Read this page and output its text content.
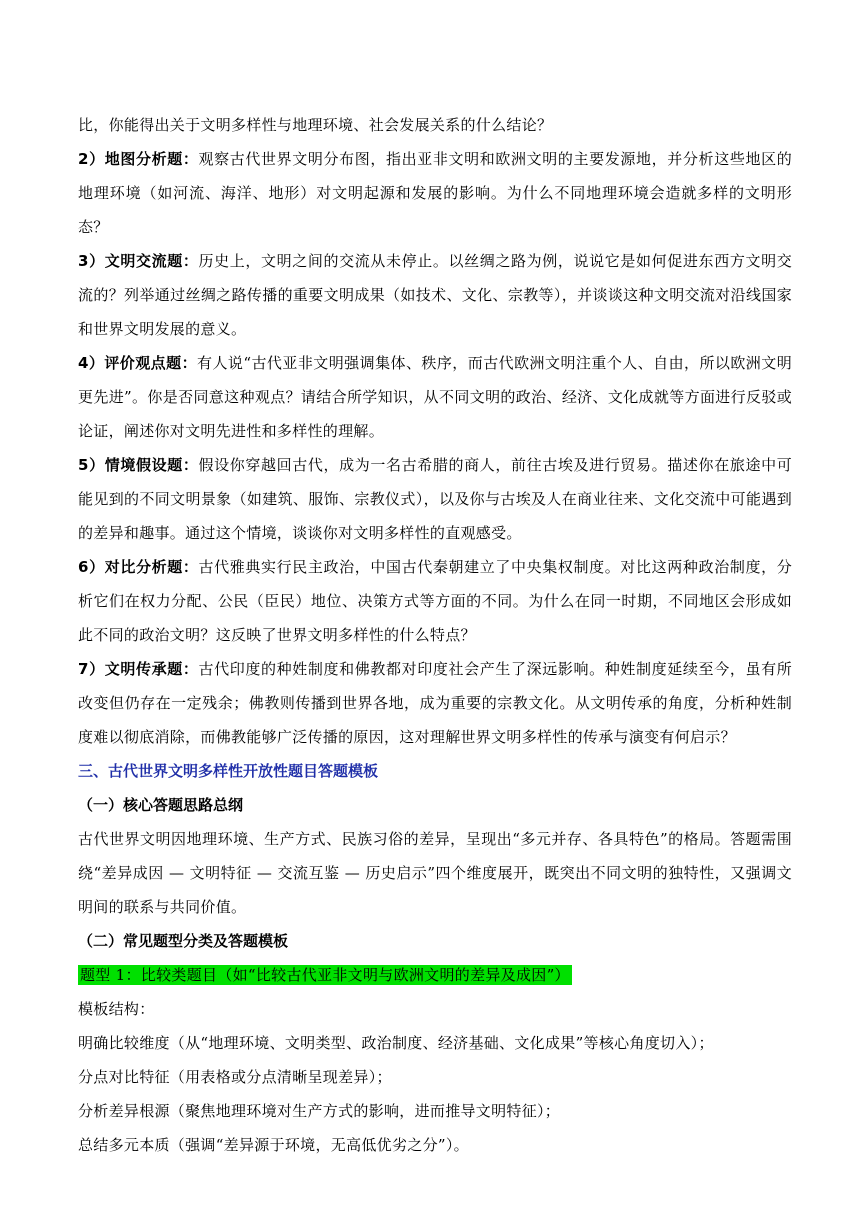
比，你能得出关于文明多样性与地理环境、社会发展关系的什么结论？

2）地图分析题：观察古代世界文明分布图，指出亚非文明和欧洲文明的主要发源地，并分析这些地区的地理环境（如河流、海洋、地形）对文明起源和发展的影响。为什么不同地理环境会造就多样的文明形态？

3）文明交流题：历史上，文明之间的交流从未停止。以丝绸之路为例，说说它是如何促进东西方文明交流的？列举通过丝绸之路传播的重要文明成果（如技术、文化、宗教等），并谈谈这种文明交流对沿线国家和世界文明发展的意义。

4）评价观点题：有人说“古代亚非文明强调集体、秩序，而古代欧洲文明注重个人、自由，所以欧洲文明更先进”。你是否同意这种观点？请结合所学知识，从不同文明的政治、经济、文化成就等方面进行反驳或论证，阐述你对文明先进性和多样性的理解。

5）情境假设题：假设你穿越回古代，成为一名古希腊的商人，前往古埃及进行贸易。描述你在旅途中可能见到的不同文明景象（如建筑、服饰、宗教仪式），以及你与古埃及人在商业往来、文化交流中可能遇到的差异和趣事。通过这个情境，谈谈你对文明多样性的直观感受。

6）对比分析题：古代雅典实行民主政治，中国古代秦朝建立了中央集权制度。对比这两种政治制度，分析它们在权力分配、公民（臣民）地位、决策方式等方面的不同。为什么在同一时期，不同地区会形成如此不同的政治文明？这反映了世界文明多样性的什么特点？

7）文明传承题：古代印度的种姓制度和佛教都对印度社会产生了深远影响。种姓制度延续至今，虽有所改变但仍存在一定残余；佛教则传播到世界各地，成为重要的宗教文化。从文明传承的角度，分析种姓制度难以彻底消除，而佛教能够广泛传播的原因，这对理解世界文明多样性的传承与演变有何启示？

三、古代世界文明多样性开放性题目答题模板

（一）核心答题思路总纲

古代世界文明因地理环境、生产方式、民族习俗的差异，呈现出“多元并存、各具特色”的格局。答题需围绕“差异成因 — 文明特征 — 交流互鉴 — 历史启示”四个维度展开，既突出不同文明的独特性，又强调文明间的联系与共同价值。

（二）常见题型分类及答题模板

题型 1：比较类题目（如“比较古代亚非文明与欧洲文明的差异及成因”）

模板结构：

明确比较维度（从“地理环境、文明类型、政治制度、经济基础、文化成果”等核心角度切入）；

分点对比特征（用表格或分点清晰呈现差异）；

分析差异根源（聚焦地理环境对生产方式的影响，进而推导文明特征）；

总结多元本质（强调“差异源于环境，无高低优劣之分”）。
